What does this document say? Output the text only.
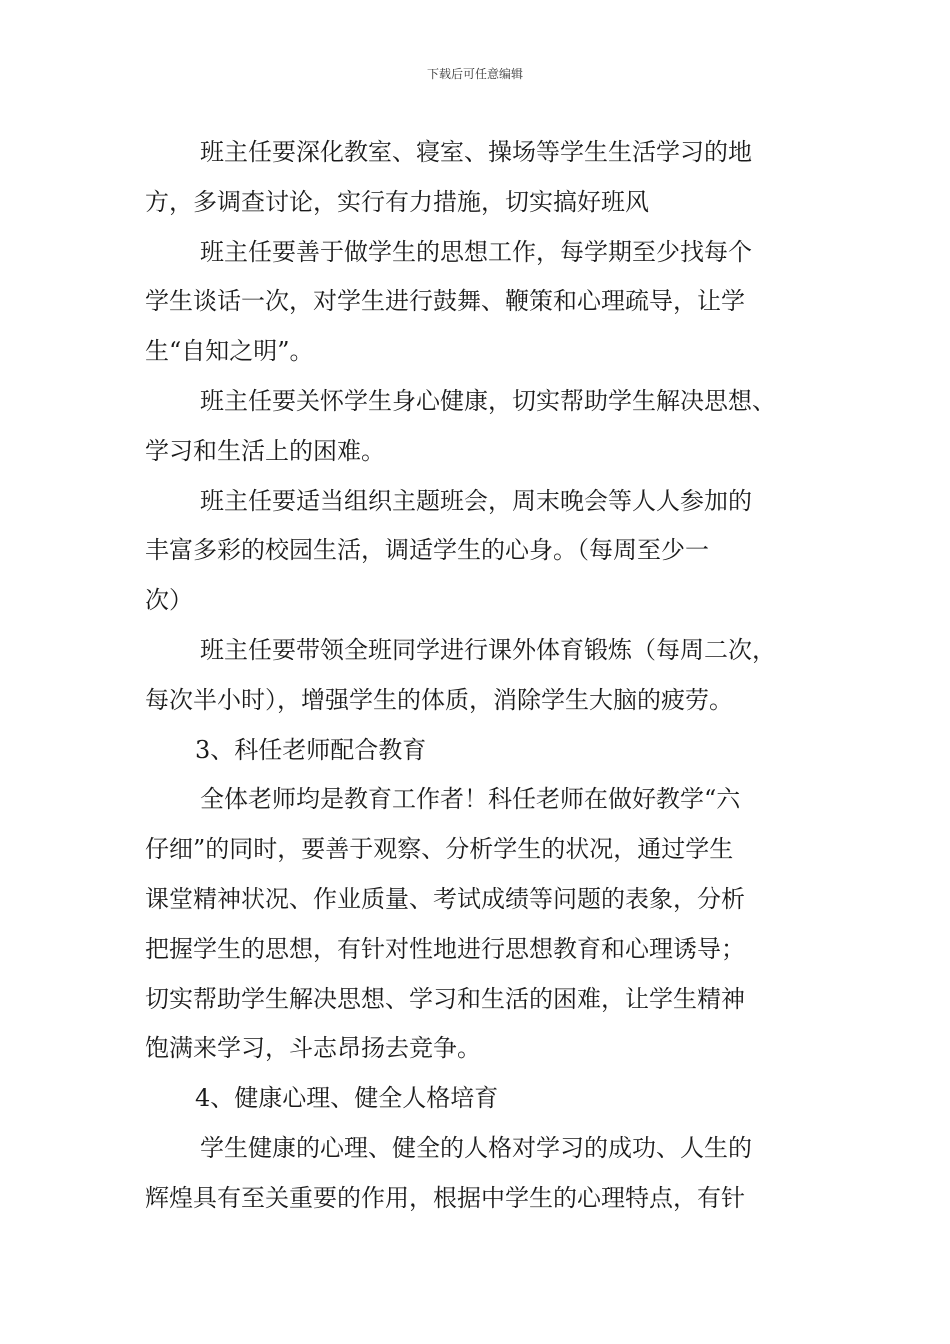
下载后可任意编辑
班主任要深化教室、寝室、操场等学生生活学习的地
方，多调查讨论，实行有力措施，切实搞好班风
班主任要善于做学生的思想工作，每学期至少找每个
学生谈话一次，对学生进行鼓舞、鞭策和心理疏导，让学
生“自知之明”。
班主任要关怀学生身心健康，切实帮助学生解决思想、
学习和生活上的困难。
班主任要适当组织主题班会，周末晚会等人人参加的
丰富多彩的校园生活，调适学生的心身。（每周至少一
次）
班主任要带领全班同学进行课外体育锻炼（每周二次，
每次半小时），增强学生的体质，消除学生大脑的疲劳。
3、科任老师配合教育
全体老师均是教育工作者！科任老师在做好教学“六
仔细”的同时，要善于观察、分析学生的状况，通过学生
课堂精神状况、作业质量、考试成绩等问题的表象，分析
把握学生的思想，有针对性地进行思想教育和心理诱导；
切实帮助学生解决思想、学习和生活的困难，让学生精神
饱满来学习，斗志昂扬去竞争。
4、健康心理、健全人格培育
学生健康的心理、健全的人格对学习的成功、人生的
辉煌具有至关重要的作用，根据中学生的心理特点，有针
